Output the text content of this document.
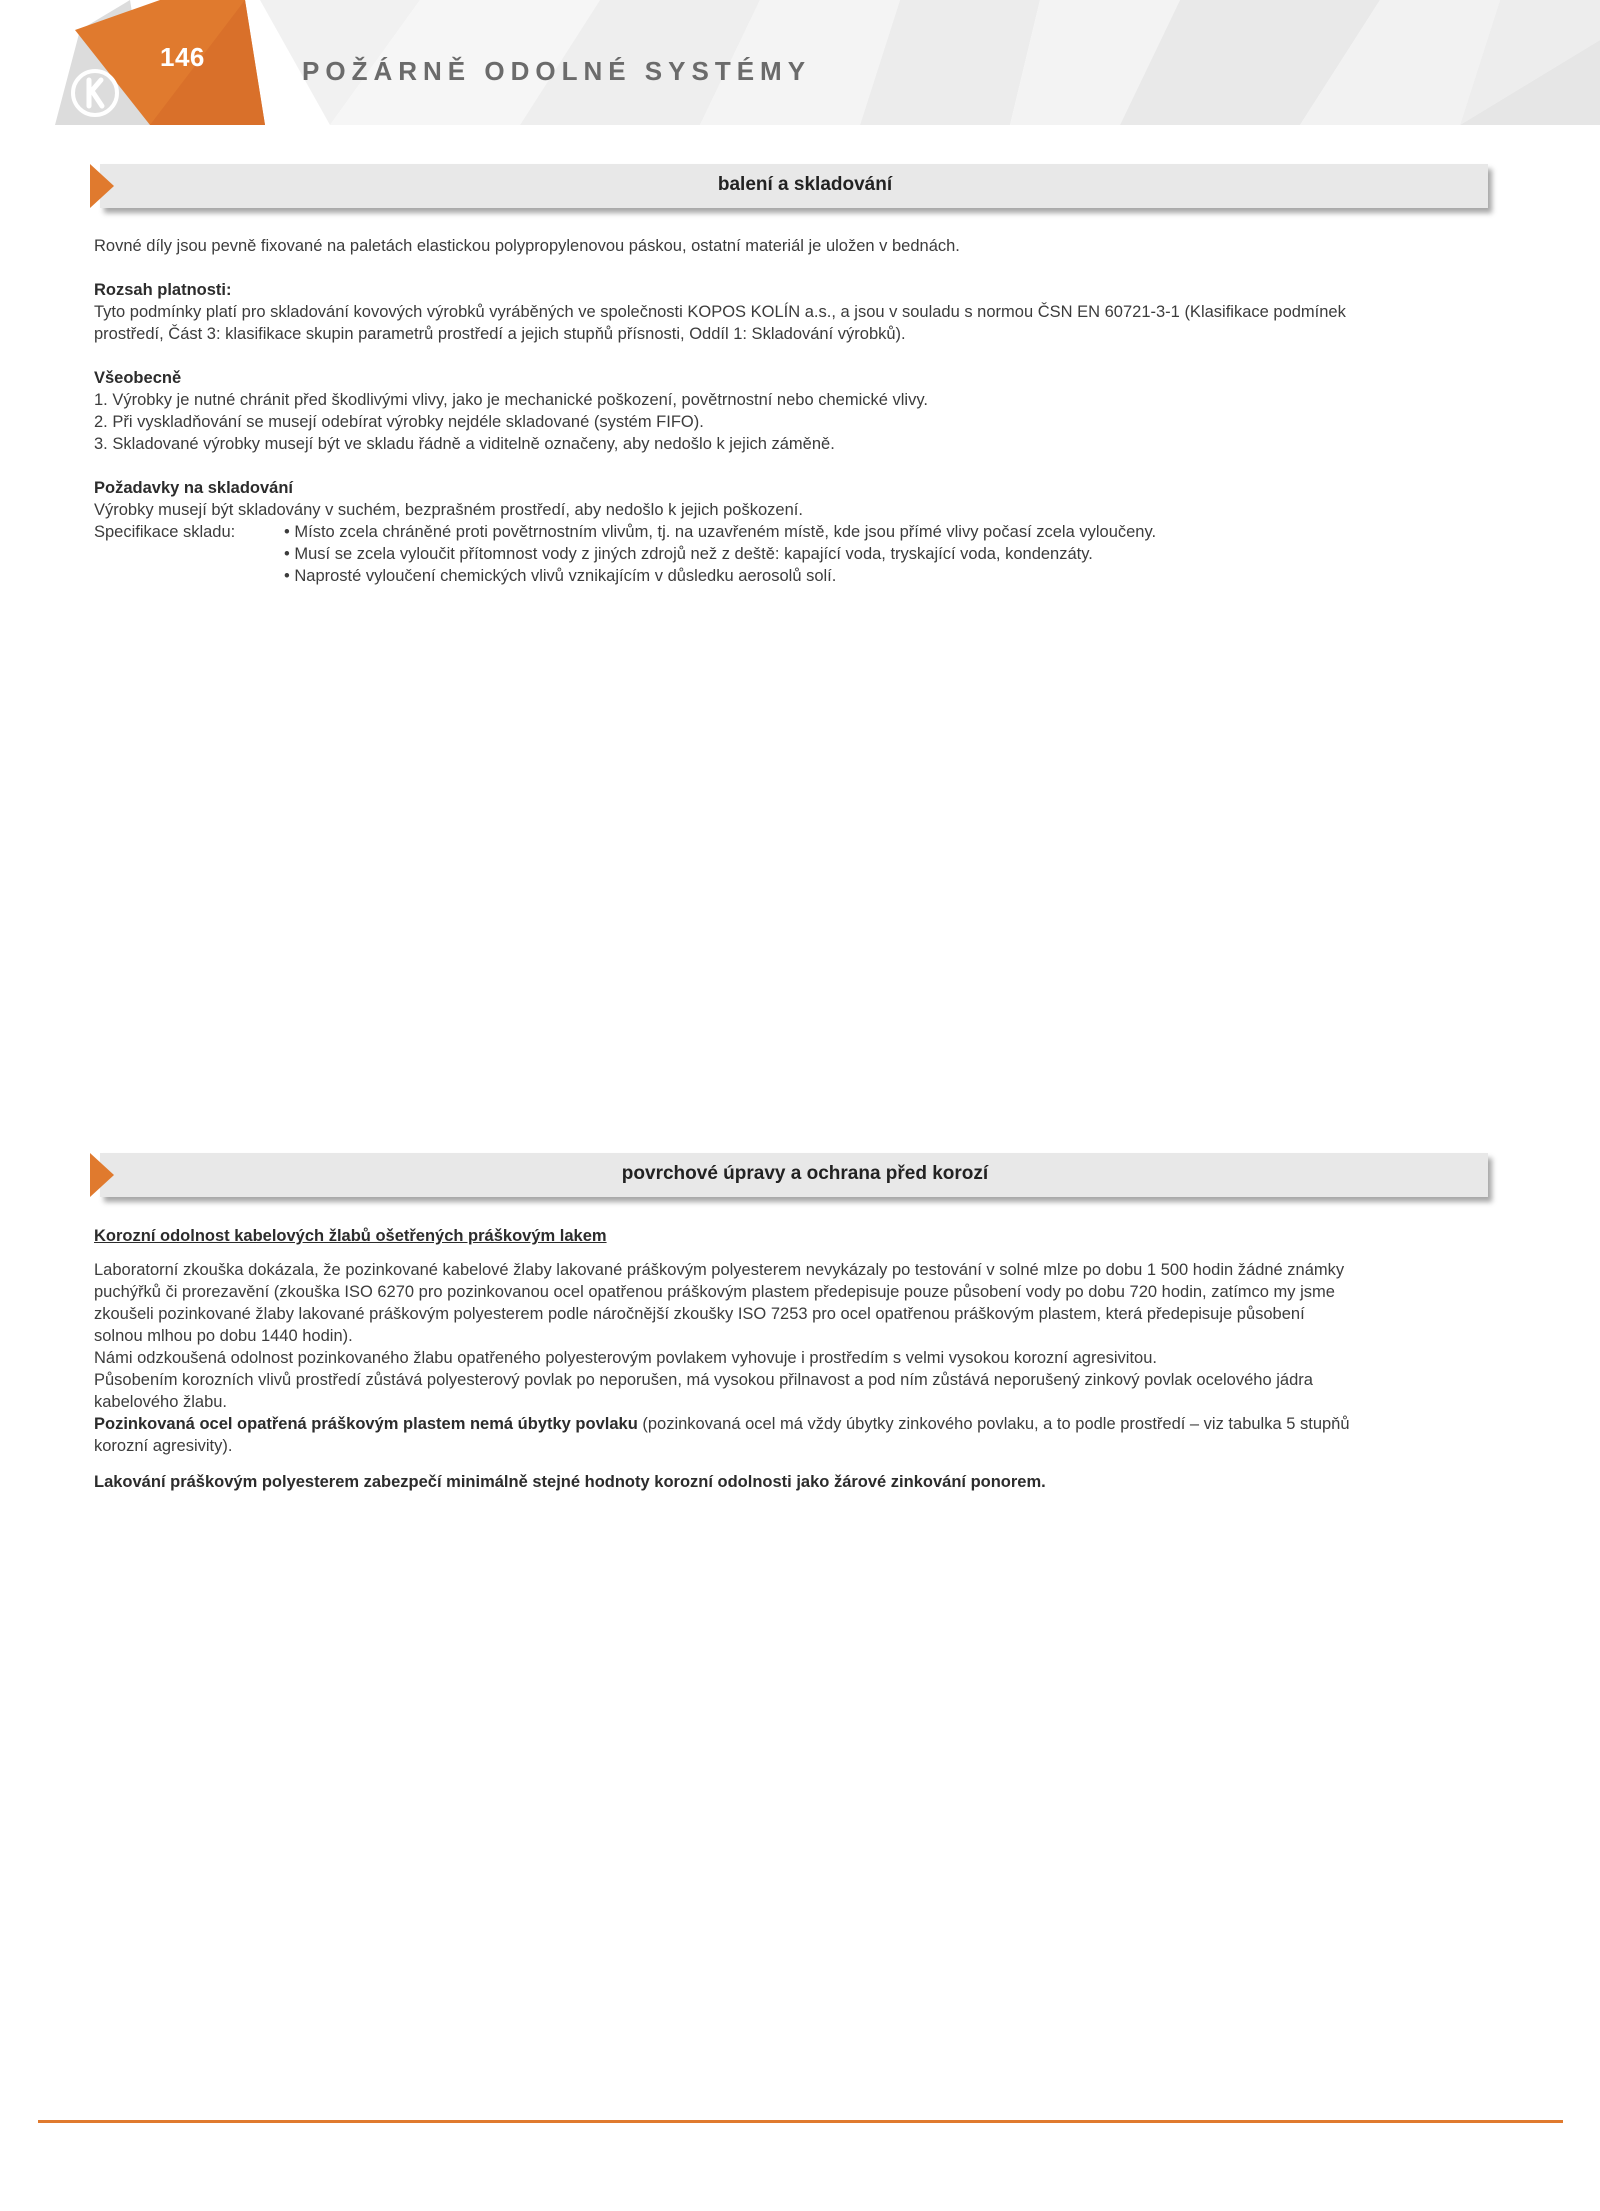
146	POŽÁRNĚ ODOLNÉ SYSTÉMY
balení a skladování

Rovné díly jsou pevně fixované na paletách elastickou polypropylenovou páskou, ostatní materiál je uložen v bednách.

Rozsah platnosti:

Tyto podmínky platí pro skladování kovových výrobků vyráběných ve společnosti KOPOS KOLÍN a.s., a jsou v souladu s normou ČSN EN 60721-3-1 (Klasifikace podmínek

prostředí, Část 3: klasifikace skupin parametrů prostředí a jejich stupňů přísnosti, Oddíl 1: Skladování výrobků).

Všeobecně

1. Výrobky je nutné chránit před škodlivými vlivy, jako je mechanické poškození, povětrnostní nebo chemické vlivy.

2. Při vyskladňování se musejí odebírat výrobky nejdéle skladované (systém FIFO).

3. Skladované výrobky musejí být ve skladu řádně a viditelně označeny, aby nedošlo k jejich záměně.

Požadavky na skladování

Výrobky musejí být skladovány v suchém, bezprašném prostředí, aby nedošlo k jejich poškození.

Specifikace skladu:	• Místo zcela chráněné proti povětrnostním vlivům, tj. na uzavřeném místě, kde jsou přímé vlivy počasí zcela vyloučeny.

• Musí se zcela vyloučit přítomnost vody z jiných zdrojů než z deště: kapající voda, tryskající voda, kondenzáty.

• Naprosté vyloučení chemických vlivů vznikajícím v důsledku aerosolů solí.

povrchové úpravy a ochrana před korozí

Korozní odolnost kabelových žlabů ošetřených práškovým lakem

Laboratorní zkouška dokázala, že pozinkované kabelové žlaby lakované práškovým polyesterem nevykázaly po testování v solné mlze po dobu 1 500 hodin žádné známky

puchýřků či prorezavění (zkouška ISO 6270 pro pozinkovanou ocel opatřenou práškovým plastem předepisuje pouze působení vody po dobu 720 hodin, zatímco my jsme

zkoušeli pozinkované žlaby lakované práškovým polyesterem podle náročnější zkoušky ISO 7253 pro ocel opatřenou práškovým plastem, která předepisuje působení

solnou mlhou po dobu 1440 hodin).

Námi odzkoušená odolnost pozinkovaného žlabu opatřeného polyesterovým povlakem vyhovuje i prostředím s velmi vysokou korozní agresivitou.

Působením korozních vlivů prostředí zůstává polyesterový povlak po neporušen, má vysokou přilnavost a pod ním zůstává neporušený zinkový povlak ocelového jádra

kabelového žlabu.

Pozinkovaná ocel opatřená práškovým plastem nemá úbytky povlaku (pozinkovaná ocel má vždy úbytky zinkového povlaku, a to podle prostředí – viz tabulka 5 stupňů

korozní agresivity).

Lakování práškovým polyesterem zabezpečí minimálně stejné hodnoty korozní odolnosti jako žárové zinkování ponorem.
